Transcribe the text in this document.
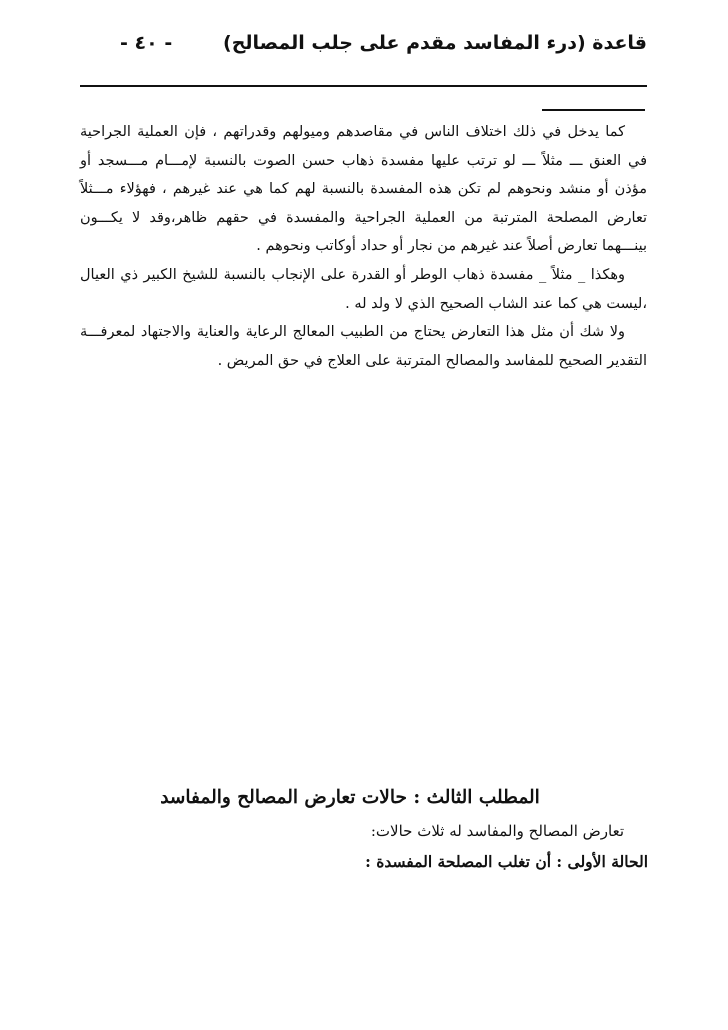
قاعدة (درء المفاسد مقدم على جلب المصالح)
- ٤٠ -

كما يدخل في ذلك اختلاف الناس في مقاصدهم وميولهم وقدراتهم ، فإن العملية الجراحية في العنق ـــ مثلاً ـــ لو ترتب عليها مفسدة ذهاب حسن الصوت بالنسبة لإمـــام مـــسجد أو مؤذن أو منشد ونحوهم لم تكن هذه المفسدة بالنسبة لهم كما هي عند غيرهم ، فهؤلاء مـــثلاً تعارض المصلحة المترتبة من العملية الجراحية والمفسدة في حقهم ظاهر،وقد لا يكـــون بينـــهما تعارض أصلاً عند غيرهم من نجار أو حداد أوكاتب ونحوهم .

وهكذا _ مثلاً _ مفسدة ذهاب الوطر أو القدرة على الإنجاب بالنسبة للشيخ الكبير ذي العيال ،ليست هي كما عند الشاب الصحيح الذي لا ولد له .

ولا شك أن مثل هذا التعارض يحتاج من الطبيب المعالج الرعاية والعناية والاجتهاد لمعرفـــة التقدير الصحيح للمفاسد والمصالح المترتبة على العلاج في حق المريض .

المطلب الثالث : حالات تعارض المصالح والمفاسد
تعارض المصالح والمفاسد له ثلاث حالات:
الحالة الأولى : أن تغلب المصلحة المفسدة :
